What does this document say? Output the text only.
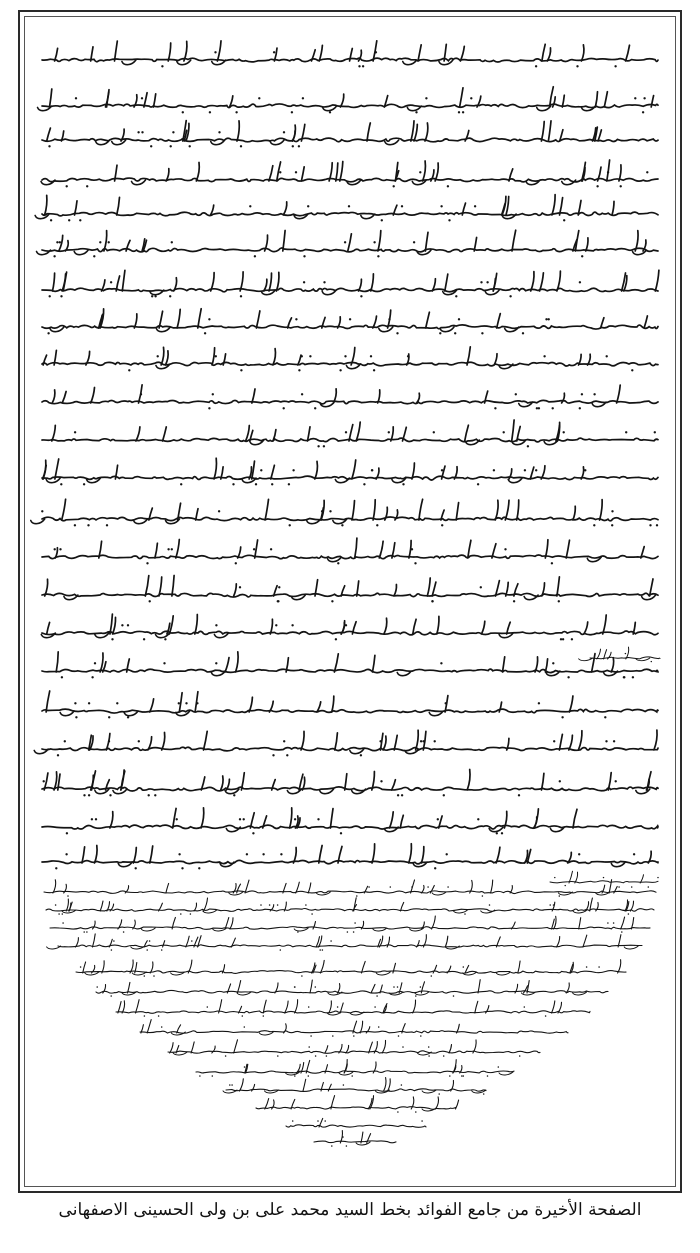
الصفحة الأخيرة من جامع الفوائد بخط السيد محمد على بن ولى الحسينى الاصفهانى
